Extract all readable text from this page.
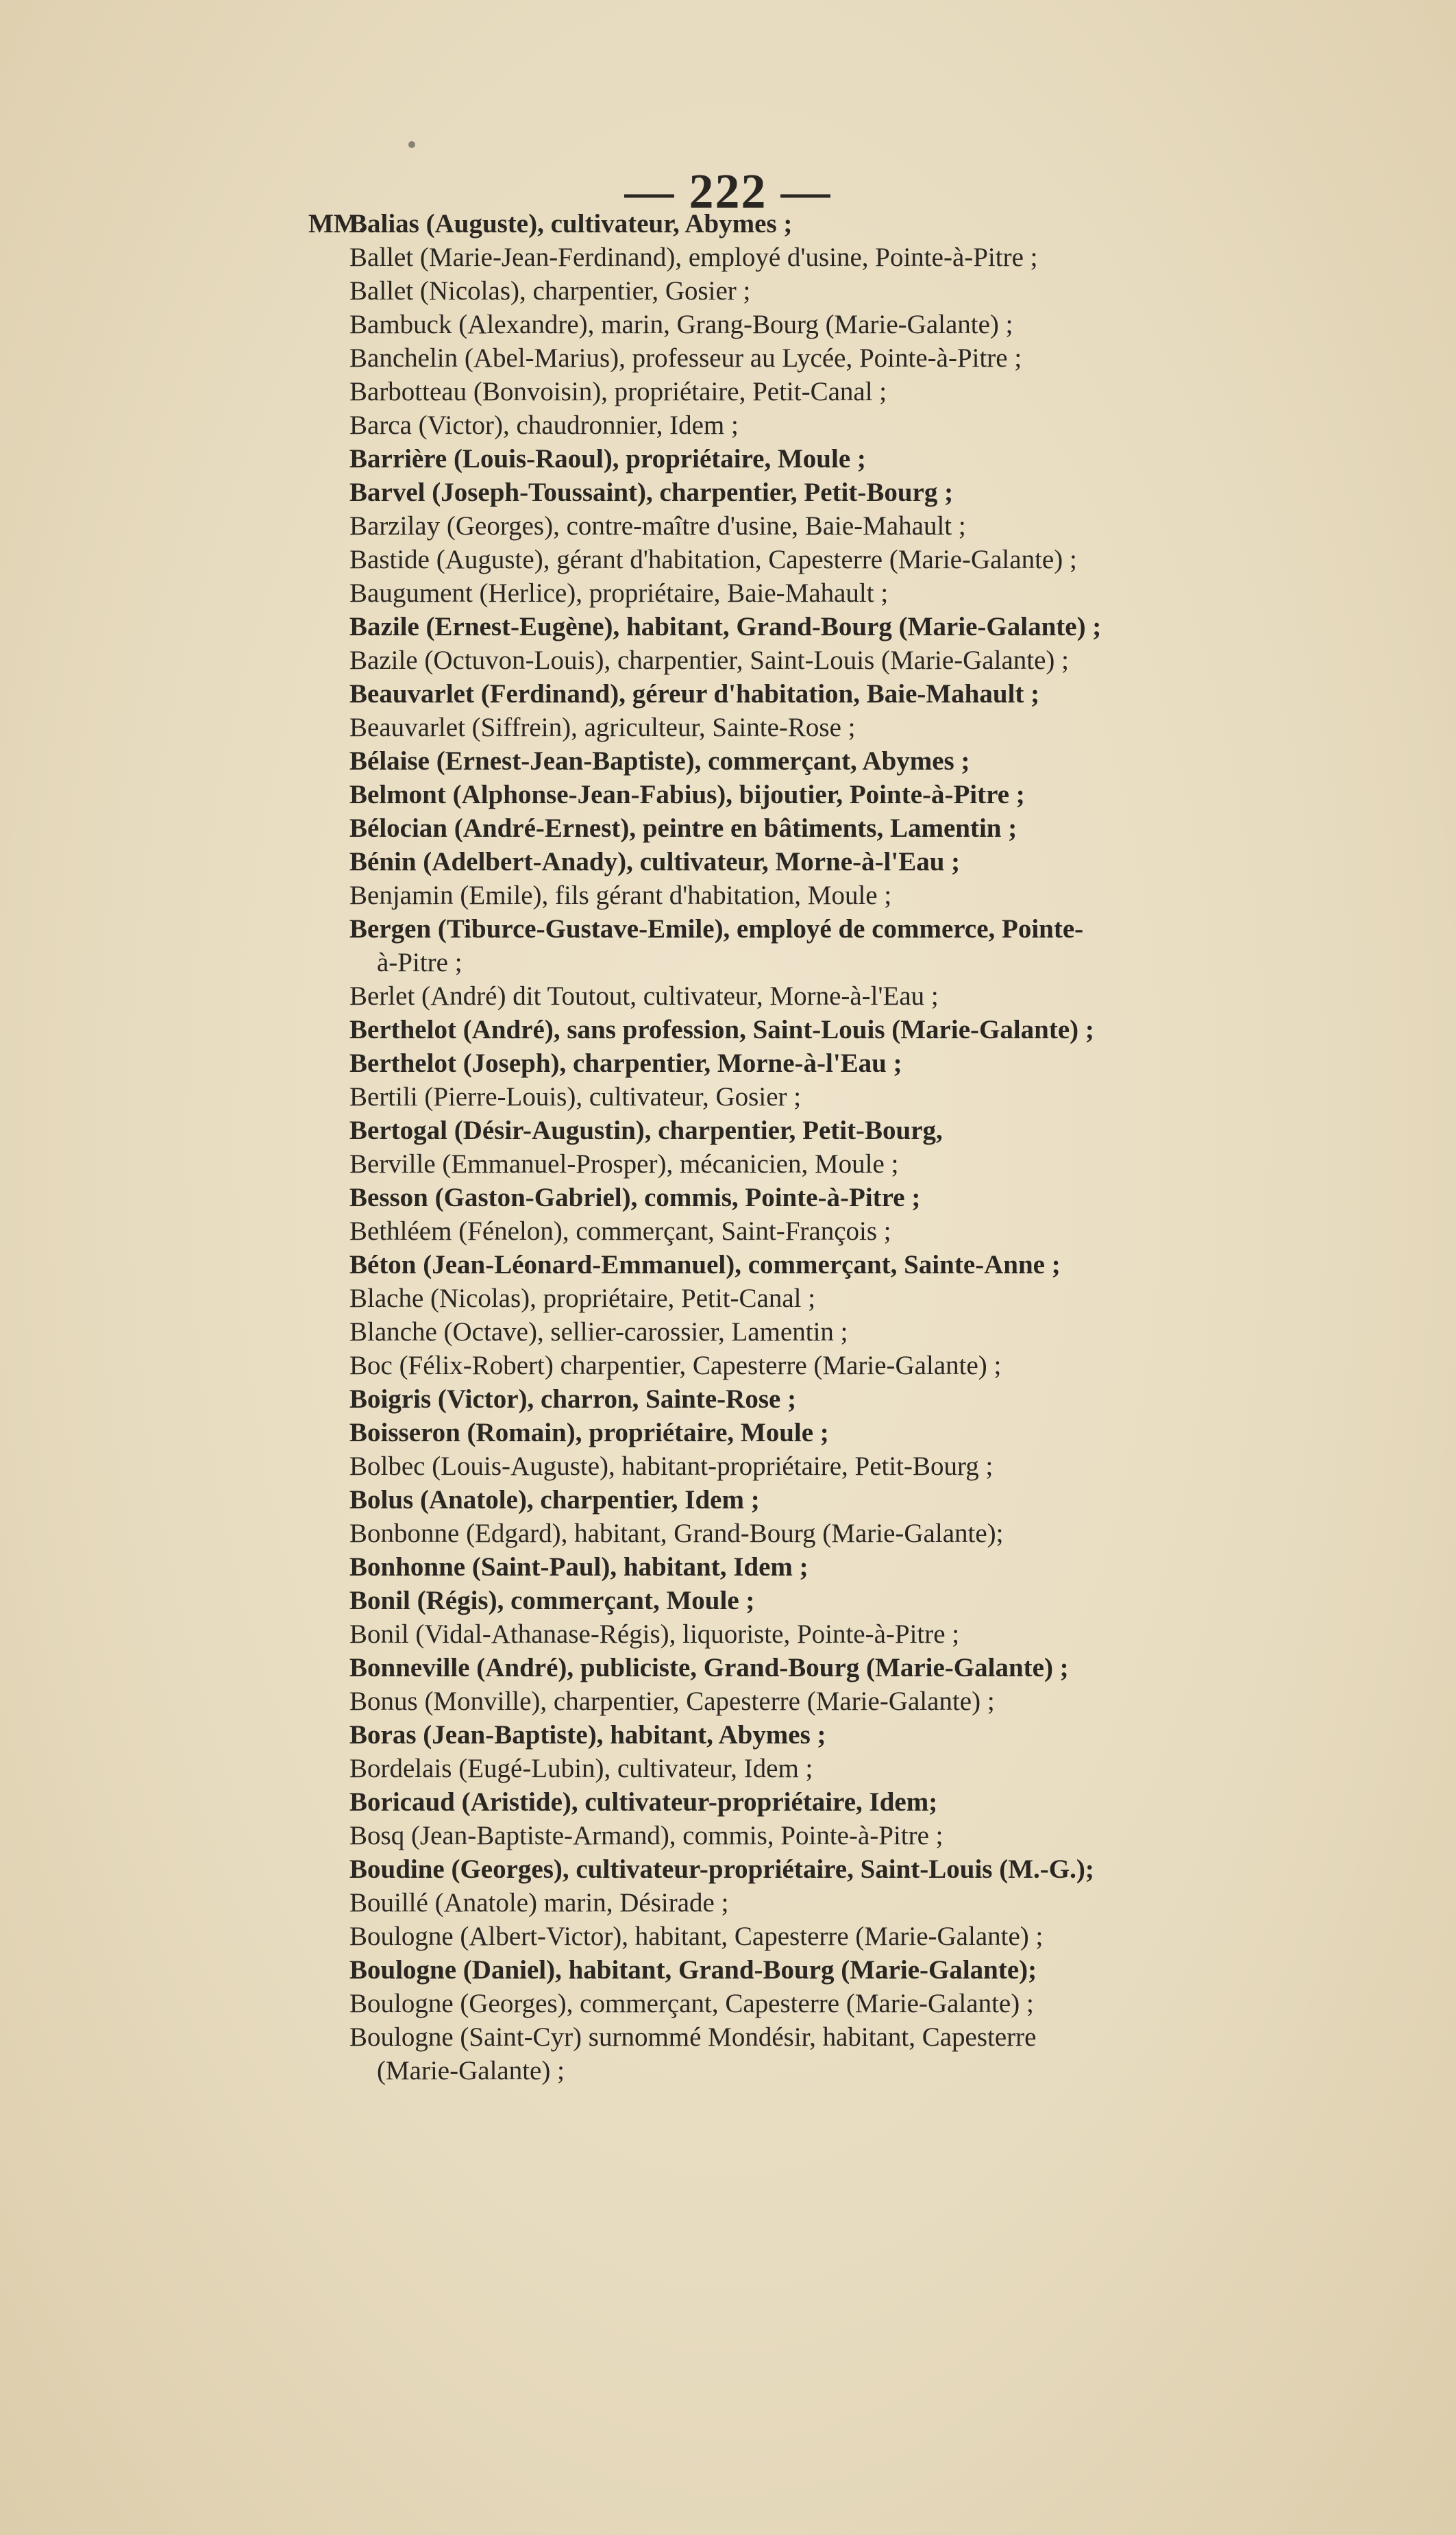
— 222 —
MM.
Balias (Auguste), cultivateur, Abymes ;
Ballet (Marie-Jean-Ferdinand), employé d'usine, Pointe-à-Pitre ;
Ballet (Nicolas), charpentier, Gosier ;
Bambuck (Alexandre), marin, Grang-Bourg (Marie-Galante) ;
Banchelin (Abel-Marius), professeur au Lycée, Pointe-à-Pitre ;
Barbotteau (Bonvoisin), propriétaire, Petit-Canal ;
Barca (Victor), chaudronnier, Idem ;
Barrière (Louis-Raoul), propriétaire, Moule ;
Barvel (Joseph-Toussaint), charpentier, Petit-Bourg ;
Barzilay (Georges), contre-maître d'usine, Baie-Mahault ;
Bastide (Auguste), gérant d'habitation, Capesterre (Marie-Galante) ;
Baugument (Herlice), propriétaire, Baie-Mahault ;
Bazile (Ernest-Eugène), habitant, Grand-Bourg (Marie-Galante) ;
Bazile (Octuvon-Louis), charpentier, Saint-Louis (Marie-Galante) ;
Beauvarlet (Ferdinand), géreur d'habitation, Baie-Mahault ;
Beauvarlet (Siffrein), agriculteur, Sainte-Rose ;
Bélaise (Ernest-Jean-Baptiste), commerçant, Abymes ;
Belmont (Alphonse-Jean-Fabius), bijoutier, Pointe-à-Pitre ;
Bélocian (André-Ernest), peintre en bâtiments, Lamentin ;
Bénin (Adelbert-Anady), cultivateur, Morne-à-l'Eau ;
Benjamin (Emile), fils gérant d'habitation, Moule ;
Bergen (Tiburce-Gustave-Emile), employé de commerce, Pointe-
à-Pitre ;
Berlet (André) dit Toutout, cultivateur, Morne-à-l'Eau ;
Berthelot (André), sans profession, Saint-Louis (Marie-Galante) ;
Berthelot (Joseph), charpentier, Morne-à-l'Eau ;
Bertili (Pierre-Louis), cultivateur, Gosier ;
Bertogal (Désir-Augustin), charpentier, Petit-Bourg,
Berville (Emmanuel-Prosper), mécanicien, Moule ;
Besson (Gaston-Gabriel), commis, Pointe-à-Pitre ;
Bethléem (Fénelon), commerçant, Saint-François ;
Béton (Jean-Léonard-Emmanuel), commerçant, Sainte-Anne ;
Blache (Nicolas), propriétaire, Petit-Canal ;
Blanche (Octave), sellier-carossier, Lamentin ;
Boc (Félix-Robert) charpentier, Capesterre (Marie-Galante) ;
Boigris (Victor), charron, Sainte-Rose ;
Boisseron (Romain), propriétaire, Moule ;
Bolbec (Louis-Auguste), habitant-propriétaire, Petit-Bourg ;
Bolus (Anatole), charpentier, Idem ;
Bonbonne (Edgard), habitant, Grand-Bourg (Marie-Galante);
Bonhonne (Saint-Paul), habitant, Idem ;
Bonil (Régis), commerçant, Moule ;
Bonil (Vidal-Athanase-Régis), liquoriste, Pointe-à-Pitre ;
Bonneville (André), publiciste, Grand-Bourg (Marie-Galante) ;
Bonus (Monville), charpentier, Capesterre (Marie-Galante) ;
Boras (Jean-Baptiste), habitant, Abymes ;
Bordelais (Eugé-Lubin), cultivateur, Idem ;
Boricaud (Aristide), cultivateur-propriétaire, Idem;
Bosq (Jean-Baptiste-Armand), commis, Pointe-à-Pitre ;
Boudine (Georges), cultivateur-propriétaire, Saint-Louis (M.-G.);
Bouillé (Anatole) marin, Désirade ;
Boulogne (Albert-Victor), habitant, Capesterre (Marie-Galante) ;
Boulogne (Daniel), habitant, Grand-Bourg (Marie-Galante);
Boulogne (Georges), commerçant, Capesterre (Marie-Galante) ;
Boulogne (Saint-Cyr) surnommé Mondésir, habitant, Capesterre
(Marie-Galante) ;
